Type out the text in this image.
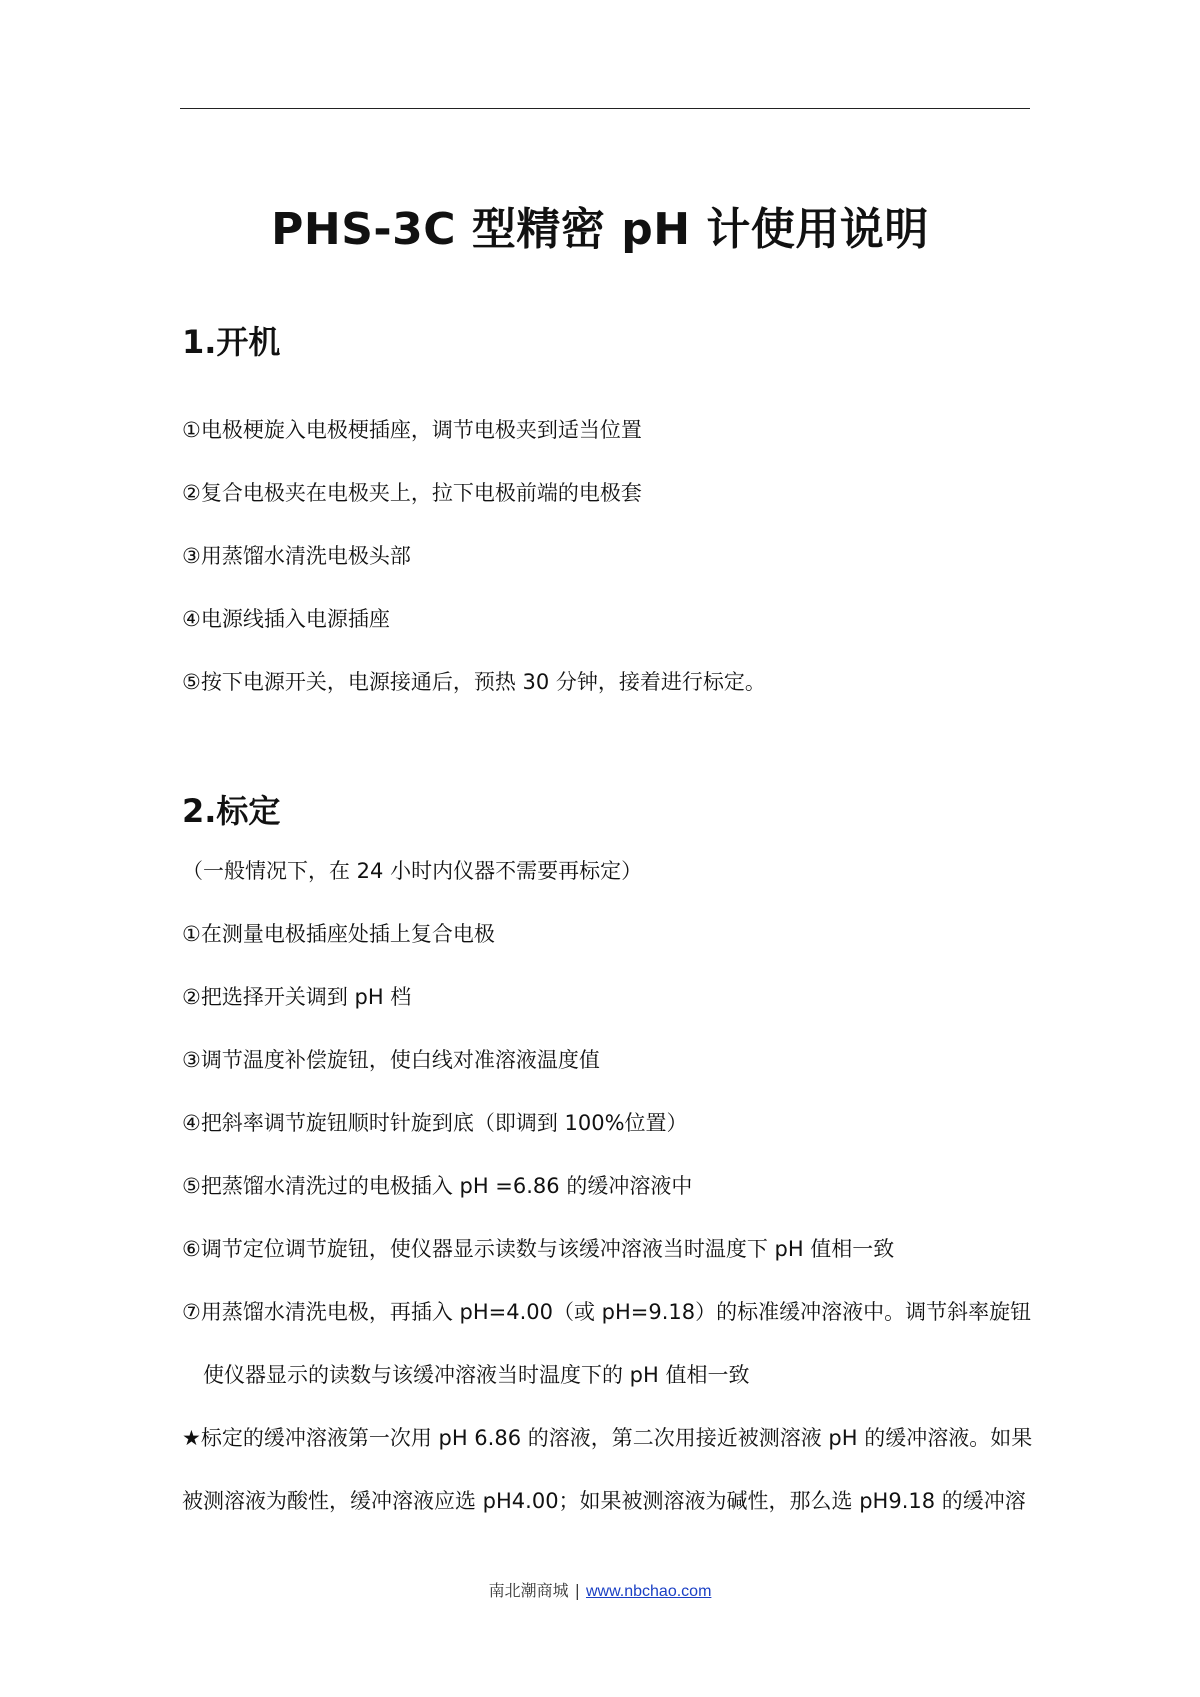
PHS-3C 型精密 pH 计使用说明
1.开机

①电极梗旋入电极梗插座，调节电极夹到适当位置

②复合电极夹在电极夹上，拉下电极前端的电极套

③用蒸馏水清洗电极头部

④电源线插入电源插座

⑤按下电源开关，电源接通后，预热 30 分钟，接着进行标定。

2.标定

（一般情况下，在 24 小时内仪器不需要再标定）

①在测量电极插座处插上复合电极

②把选择开关调到 pH 档

③调节温度补偿旋钮，使白线对准溶液温度值

④把斜率调节旋钮顺时针旋到底（即调到 100%位置）

⑤把蒸馏水清洗过的电极插入 pH =6.86 的缓冲溶液中

⑥调节定位调节旋钮，使仪器显示读数与该缓冲溶液当时温度下 pH 值相一致

⑦用蒸馏水清洗电极，再插入 pH=4.00（或 pH=9.18）的标准缓冲溶液中。调节斜率旋钮

使仪器显示的读数与该缓冲溶液当时温度下的 pH 值相一致

★标定的缓冲溶液第一次用 pH 6.86 的溶液，第二次用接近被测溶液 pH 的缓冲溶液。如果

被测溶液为酸性，缓冲溶液应选 pH4.00；如果被测溶液为碱性，那么选 pH9.18 的缓冲溶

南北潮商城 | www.nbchao.com
